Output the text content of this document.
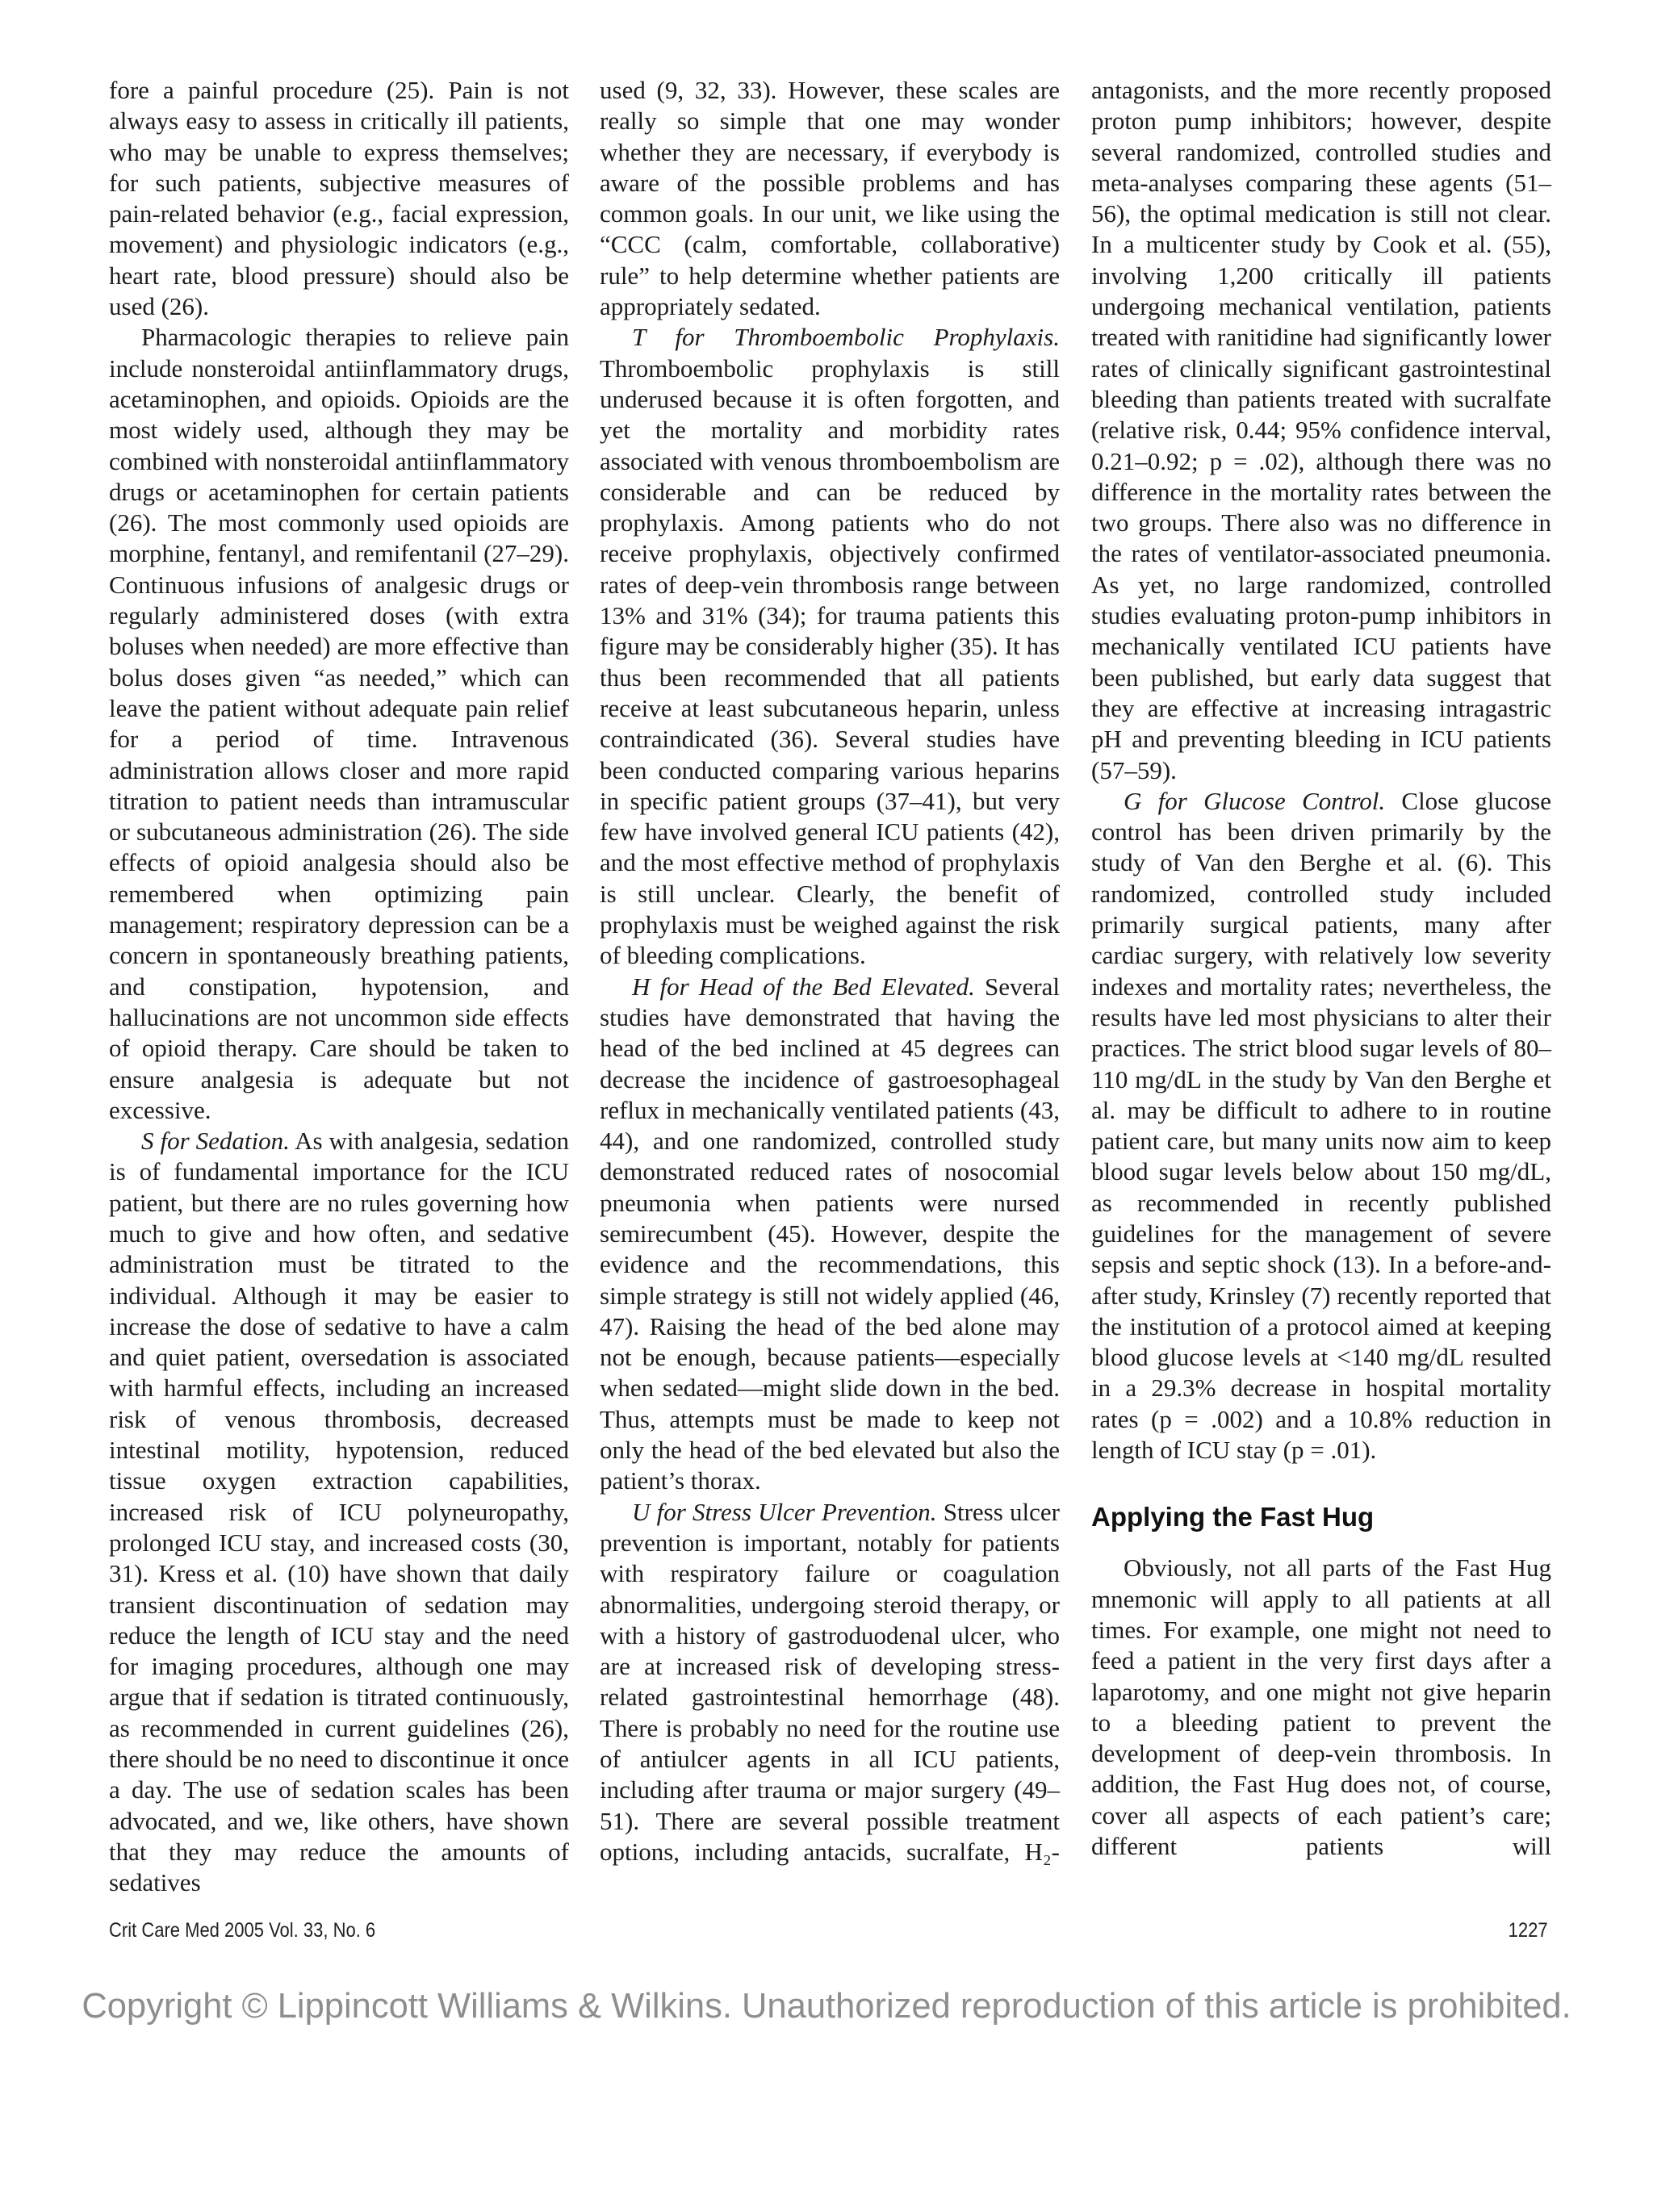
fore a painful procedure (25). Pain is not always easy to assess in critically ill patients, who may be unable to express themselves; for such patients, subjective measures of pain-related behavior (e.g., facial expression, movement) and physiologic indicators (e.g., heart rate, blood pressure) should also be used (26).

Pharmacologic therapies to relieve pain include nonsteroidal antiinflammatory drugs, acetaminophen, and opioids. Opioids are the most widely used, although they may be combined with nonsteroidal antiinflammatory drugs or acetaminophen for certain patients (26). The most commonly used opioids are morphine, fentanyl, and remifentanil (27–29). Continuous infusions of analgesic drugs or regularly administered doses (with extra boluses when needed) are more effective than bolus doses given “as needed,” which can leave the patient without adequate pain relief for a period of time. Intravenous administration allows closer and more rapid titration to patient needs than intramuscular or subcutaneous administration (26). The side effects of opioid analgesia should also be remembered when optimizing pain management; respiratory depression can be a concern in spontaneously breathing patients, and constipation, hypotension, and hallucinations are not uncommon side effects of opioid therapy. Care should be taken to ensure analgesia is adequate but not excessive.

S for Sedation. As with analgesia, sedation is of fundamental importance for the ICU patient, but there are no rules governing how much to give and how often, and sedative administration must be titrated to the individual. Although it may be easier to increase the dose of sedative to have a calm and quiet patient, oversedation is associated with harmful effects, including an increased risk of venous thrombosis, decreased intestinal motility, hypotension, reduced tissue oxygen extraction capabilities, increased risk of ICU polyneuropathy, prolonged ICU stay, and increased costs (30, 31). Kress et al. (10) have shown that daily transient discontinuation of sedation may reduce the length of ICU stay and the need for imaging procedures, although one may argue that if sedation is titrated continuously, as recommended in current guidelines (26), there should be no need to discontinue it once a day. The use of sedation scales has been advocated, and we, like others, have shown that they may reduce the amounts of sedatives

used (9, 32, 33). However, these scales are really so simple that one may wonder whether they are necessary, if everybody is aware of the possible problems and has common goals. In our unit, we like using the “CCC (calm, comfortable, collaborative) rule” to help determine whether patients are appropriately sedated.

T for Thromboembolic Prophylaxis. Thromboembolic prophylaxis is still underused because it is often forgotten, and yet the mortality and morbidity rates associated with venous thromboembolism are considerable and can be reduced by prophylaxis. Among patients who do not receive prophylaxis, objectively confirmed rates of deep-vein thrombosis range between 13% and 31% (34); for trauma patients this figure may be considerably higher (35). It has thus been recommended that all patients receive at least subcutaneous heparin, unless contraindicated (36). Several studies have been conducted comparing various heparins in specific patient groups (37–41), but very few have involved general ICU patients (42), and the most effective method of prophylaxis is still unclear. Clearly, the benefit of prophylaxis must be weighed against the risk of bleeding complications.

H for Head of the Bed Elevated. Several studies have demonstrated that having the head of the bed inclined at 45 degrees can decrease the incidence of gastroesophageal reflux in mechanically ventilated patients (43, 44), and one randomized, controlled study demonstrated reduced rates of nosocomial pneumonia when patients were nursed semirecumbent (45). However, despite the evidence and the recommendations, this simple strategy is still not widely applied (46, 47). Raising the head of the bed alone may not be enough, because patients—especially when sedated—might slide down in the bed. Thus, attempts must be made to keep not only the head of the bed elevated but also the patient’s thorax.

U for Stress Ulcer Prevention. Stress ulcer prevention is important, notably for patients with respiratory failure or coagulation abnormalities, undergoing steroid therapy, or with a history of gastroduodenal ulcer, who are at increased risk of developing stress-related gastrointestinal hemorrhage (48). There is probably no need for the routine use of antiulcer agents in all ICU patients, including after trauma or major surgery (49–51). There are several possible treatment options, including antacids, sucralfate, H₂-

antagonists, and the more recently proposed proton pump inhibitors; however, despite several randomized, controlled studies and meta-analyses comparing these agents (51–56), the optimal medication is still not clear. In a multicenter study by Cook et al. (55), involving 1,200 critically ill patients undergoing mechanical ventilation, patients treated with ranitidine had significantly lower rates of clinically significant gastrointestinal bleeding than patients treated with sucralfate (relative risk, 0.44; 95% confidence interval, 0.21–0.92; p = .02), although there was no difference in the mortality rates between the two groups. There also was no difference in the rates of ventilator-associated pneumonia. As yet, no large randomized, controlled studies evaluating proton-pump inhibitors in mechanically ventilated ICU patients have been published, but early data suggest that they are effective at increasing intragastric pH and preventing bleeding in ICU patients (57–59).

G for Glucose Control. Close glucose control has been driven primarily by the study of Van den Berghe et al. (6). This randomized, controlled study included primarily surgical patients, many after cardiac surgery, with relatively low severity indexes and mortality rates; nevertheless, the results have led most physicians to alter their practices. The strict blood sugar levels of 80–110 mg/dL in the study by Van den Berghe et al. may be difficult to adhere to in routine patient care, but many units now aim to keep blood sugar levels below about 150 mg/dL, as recommended in recently published guidelines for the management of severe sepsis and septic shock (13). In a before-and-after study, Krinsley (7) recently reported that the institution of a protocol aimed at keeping blood glucose levels at <140 mg/dL resulted in a 29.3% decrease in hospital mortality rates (p = .002) and a 10.8% reduction in length of ICU stay (p = .01).

Applying the Fast Hug

Obviously, not all parts of the Fast Hug mnemonic will apply to all patients at all times. For example, one might not need to feed a patient in the very first days after a laparotomy, and one might not give heparin to a bleeding patient to prevent the development of deep-vein thrombosis. In addition, the Fast Hug does not, of course, cover all aspects of each patient’s care; different patients will

Crit Care Med 2005 Vol. 33, No. 6	1227
Copyright © Lippincott Williams & Wilkins. Unauthorized reproduction of this article is prohibited.
